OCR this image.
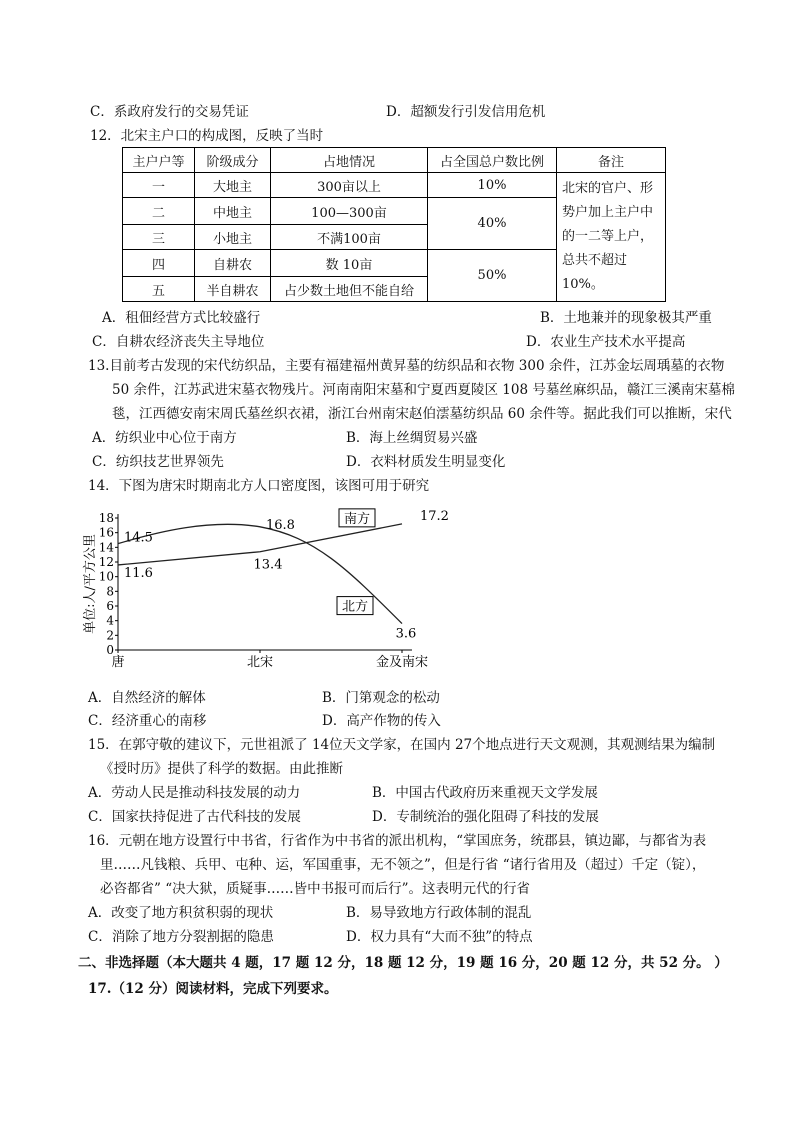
C．系政府发行的交易凭证	D．超额发行引发信用危机
12．北宋主户口的构成图，反映了当时
主户户等	阶级成分	占地情况	占全国总户数比例	备注
一	大地主	300亩以上	10%	北宋的官户、形势户加上主户中的一二等上户，总共不超过10%。
二	中地主	100—300亩	40%	
三	小地主	不满100亩		
四	自耕农	数 10亩	50%	
五	半自耕农	占少数土地但不能自给		
A．租佃经营方式比较盛行	B．土地兼并的现象极其严重
C．自耕农经济丧失主导地位	D．农业生产技术水平提高
13.目前考古发现的宋代纺织品，主要有福建福州黄昇墓的纺织品和衣物 300 余件，江苏金坛周瑀墓的衣物
50 余件，江苏武进宋墓衣物残片。河南南阳宋墓和宁夏西夏陵区 108 号墓丝麻织品，赣江三溪南宋墓棉
毯，江西德安南宋周氏墓丝织衣裙，浙江台州南宋赵伯澐墓纺织品 60 余件等。据此我们可以推断，宋代
A．纺织业中心位于南方	B．海上丝绸贸易兴盛
C．纺织技艺世界领先	D．衣料材质发生明显变化
14．下图为唐宋时期南北方人口密度图，该图可用于研究
单位:人/平方公里
0
2
4
6
8
10
12
14
16
18
唐	北宋	金及南宋
14.5
16.8
17.2
11.6
13.4
3.6
南方
北方
A．自然经济的解体	B．门第观念的松动
C．经济重心的南移	D．高产作物的传入
15．在郭守敬的建议下，元世祖派了 14位天文学家，在国内 27个地点进行天文观测，其观测结果为编制
《授时历》提供了科学的数据。由此推断
A．劳动人民是推动科技发展的动力	B．中国古代政府历来重视天文学发展
C．国家扶持促进了古代科技的发展	D．专制统治的强化阻碍了科技的发展
16．元朝在地方设置行中书省，行省作为中书省的派出机构，“掌国庶务，统郡县，镇边鄙，与都省为表
里……凡钱粮、兵甲、屯种、运，军国重事，无不领之”，但是行省 “诸行省用及（超过）千定（锭），
必咨都省” “决大狱，质疑事……皆中书报可而后行”。这表明元代的行省
A．改变了地方积贫积弱的现状	B．易导致地方行政体制的混乱
C．消除了地方分裂割据的隐患	D．权力具有“大而不独”的特点
二、非选择题（本大题共 4 题，17 题 12 分，18 题 12 分，19 题 16 分，20 题 12 分，共 52 分。 ）
17.（12 分）阅读材料，完成下列要求。
